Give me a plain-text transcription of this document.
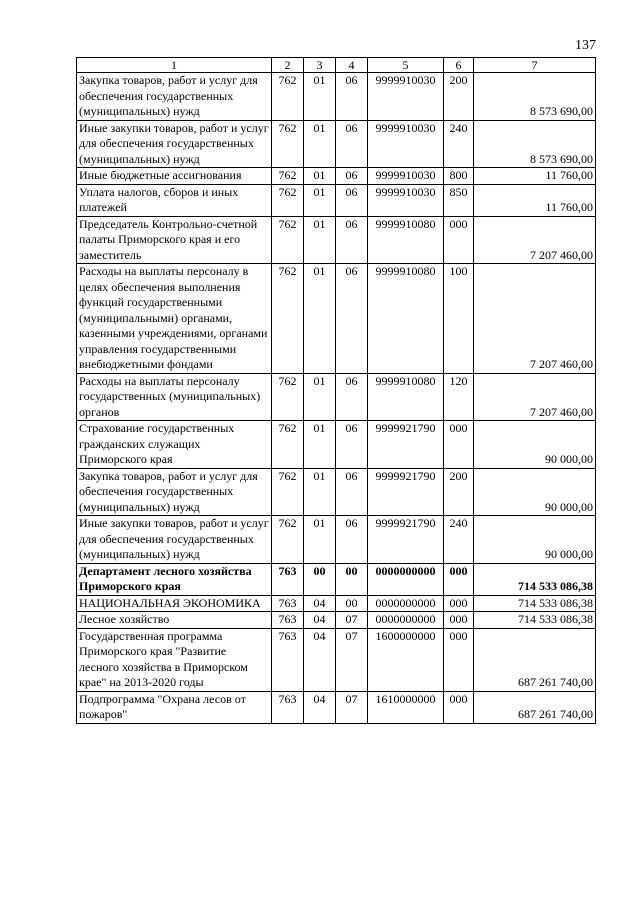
137
1	2	3	4	5	6	7
Закупка товаров, работ и услуг для обеспечения государственных (муниципальных) нужд	762	01	06	9999910030	200	8 573 690,00
Иные закупки товаров, работ и услуг для обеспечения государственных (муниципальных) нужд	762	01	06	9999910030	240	8 573 690,00
Иные бюджетные ассигнования	762	01	06	9999910030	800	11 760,00
Уплата налогов, сборов и иных платежей	762	01	06	9999910030	850	11 760,00
Председатель Контрольно-счетной палаты Приморского края и его заместитель	762	01	06	9999910080	000	7 207 460,00
Расходы на выплаты персоналу в целях обеспечения выполнения функций государственными (муниципальными) органами, казенными учреждениями, органами управления государственными внебюджетными фондами	762	01	06	9999910080	100	7 207 460,00
Расходы на выплаты персоналу государственных (муниципальных) органов	762	01	06	9999910080	120	7 207 460,00
Страхование государственных гражданских служащих Приморского края	762	01	06	9999921790	000	90 000,00
Закупка товаров, работ и услуг для обеспечения государственных (муниципальных) нужд	762	01	06	9999921790	200	90 000,00
Иные закупки товаров, работ и услуг для обеспечения государственных (муниципальных) нужд	762	01	06	9999921790	240	90 000,00
Департамент лесного хозяйства Приморского края	763	00	00	0000000000	000	714 533 086,38
НАЦИОНАЛЬНАЯ ЭКОНОМИКА	763	04	00	0000000000	000	714 533 086,38
Лесное хозяйство	763	04	07	0000000000	000	714 533 086,38
Государственная программа Приморского края "Развитие лесного хозяйства в Приморском крае" на 2013-2020 годы	763	04	07	1600000000	000	687 261 740,00
Подпрограмма "Охрана лесов от пожаров"	763	04	07	1610000000	000	687 261 740,00
